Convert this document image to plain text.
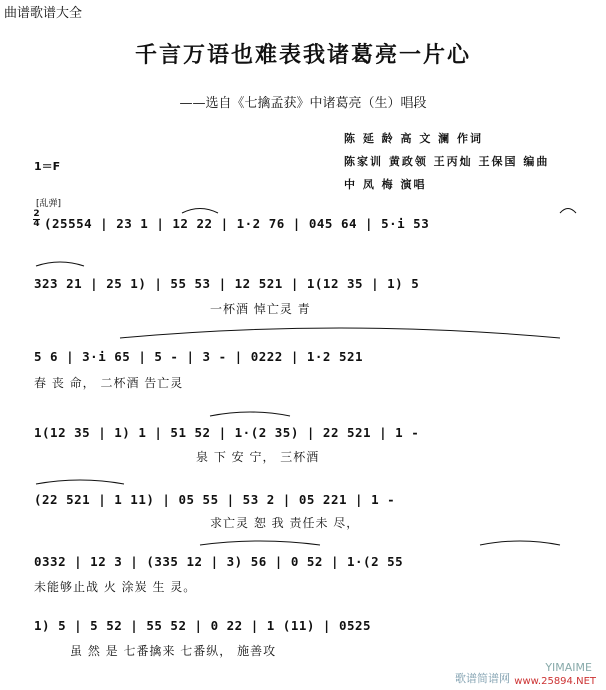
曲谱歌谱大全
千言万语也难表我诸葛亮一片心
——选自《七擒孟获》中诸葛亮（生）唱段
陈 延 龄 高 文 澜 作词
陈家训 黄政领 王丙灿 王保国 编曲
中 凤 梅 演唱
1＝F
[乱弹]
2
4 (25554 | 23 1 | 12 22 | 1·2 76 | 045 64 | 5·i 53
323 21 | 25 1) | 55 53 | 12 521 | 1(12 35 | 1) 5
一杯酒 悼亡灵 青
5 6 | 3·i 65 | 5 - | 3 - | 0222 | 1·2 521
春 丧 命， 二杯酒 告亡灵
1(12 35 | 1) 1 | 51 52 | 1·(2 35) | 22 521 | 1 -
泉 下 安 宁， 三杯酒
(22 521 | 1 11) | 05 55 | 53 2 | 05 221 | 1 -
求亡灵 恕 我 责任未 尽，
0332 | 12 3 | (335 12 | 3) 56 | 0 52 | 1·(2 55
未能够止战 火 涂炭 生 灵。
1) 5 | 5 52 | 55 52 | 0 22 | 1 (11) | 0525
虽 然 是 七番擒来 七番纵， 施善攻
歌谱简谱网
YIMAIME
www.25894.NET
